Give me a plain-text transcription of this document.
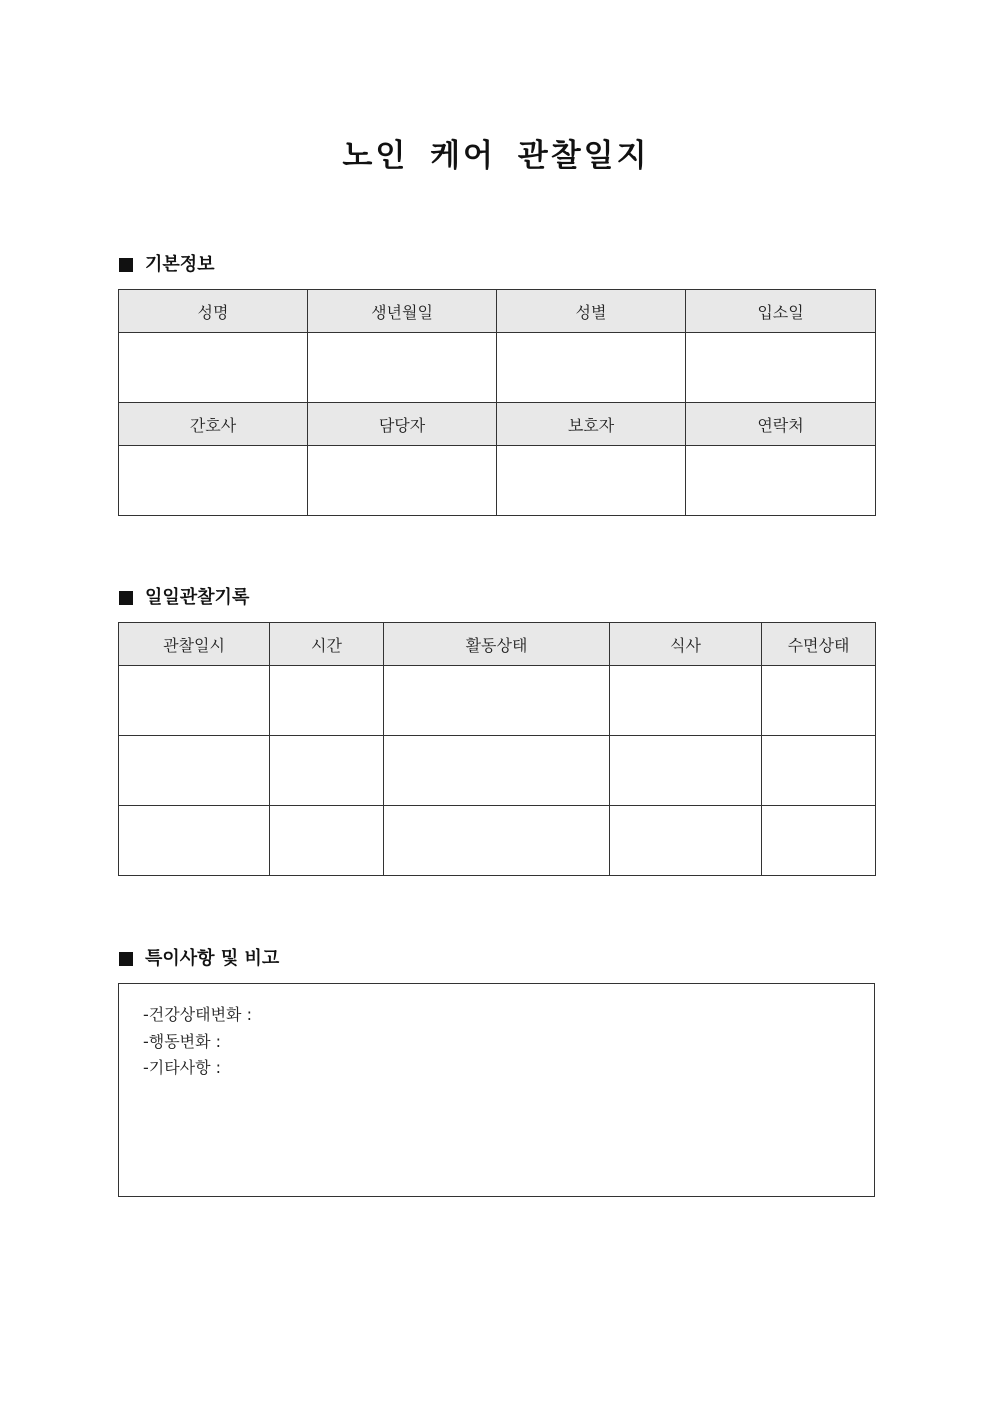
노인 케어 관찰일지
기본정보
성명	생년월일	성별	입소일

간호사	담당자	보호자	연락처

일일관찰기록
관찰일시	시간	활동상태	식사	수면상태

특이사항 및 비고
-건강상태변화 :
-행동변화 :
-기타사항 :
